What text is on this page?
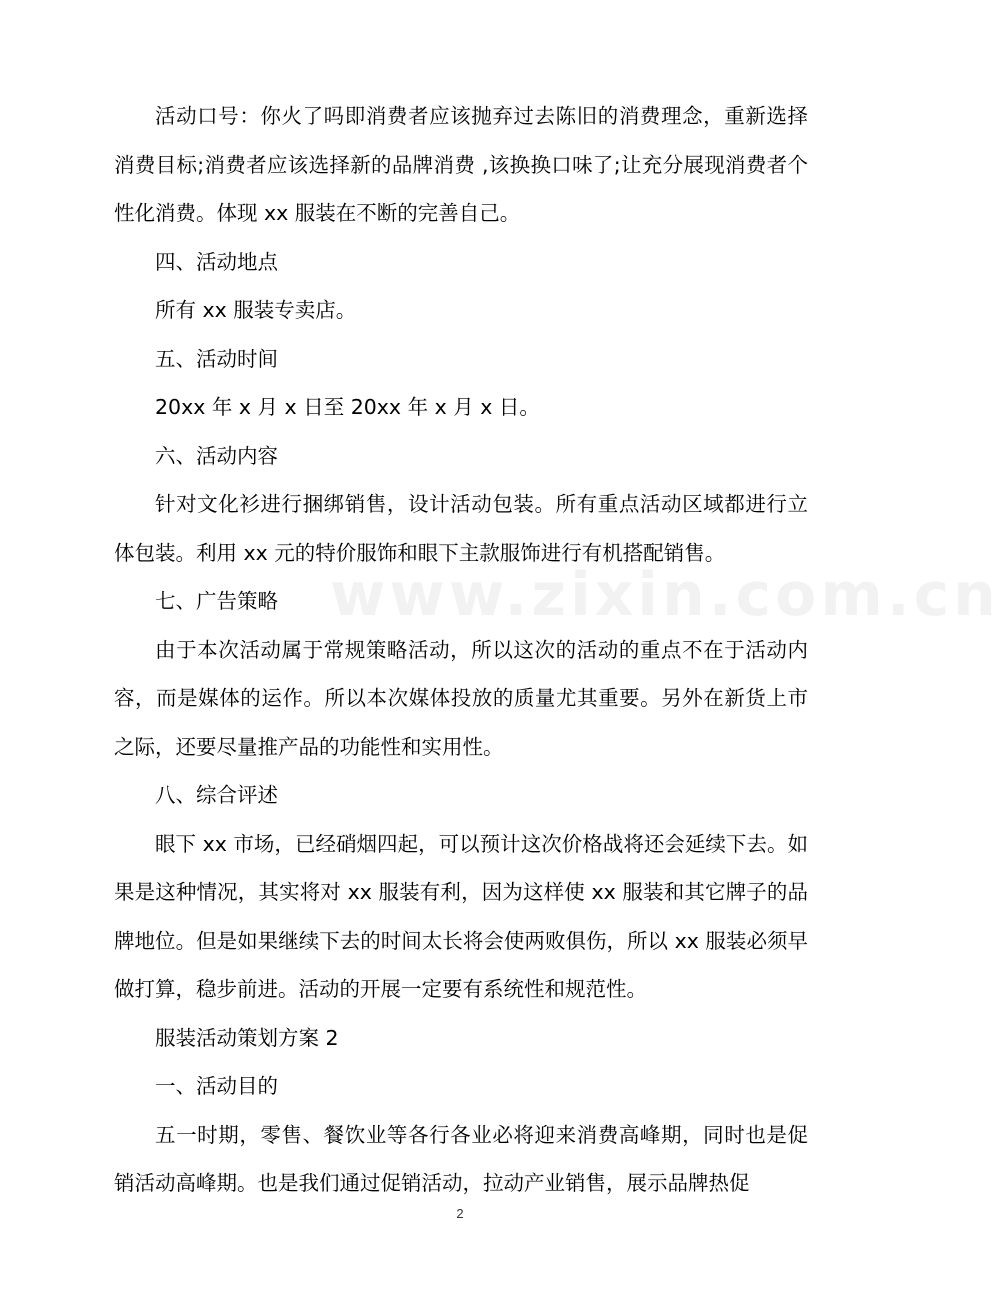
www.zixin.com.cn

活动口号：你火了吗即消费者应该抛弃过去陈旧的消费理念，重新选择消费目标;消费者应该选择新的品牌消费 ,该换换口味了;让充分展现消费者个性化消费。体现 xx 服装在不断的完善自己。

四、活动地点

所有 xx 服装专卖店。

五、活动时间

20xx 年 x 月 x 日至 20xx 年 x 月 x 日。

六、活动内容

针对文化衫进行捆绑销售，设计活动包装。所有重点活动区域都进行立体包装。利用 xx 元的特价服饰和眼下主款服饰进行有机搭配销售。

七、广告策略

由于本次活动属于常规策略活动，所以这次的活动的重点不在于活动内容，而是媒体的运作。所以本次媒体投放的质量尤其重要。另外在新货上市之际，还要尽量推产品的功能性和实用性。

八、综合评述

眼下 xx 市场，已经硝烟四起，可以预计这次价格战将还会延续下去。如果是这种情况，其实将对 xx 服装有利，因为这样使 xx 服装和其它牌子的品牌地位。但是如果继续下去的时间太长将会使两败俱伤，所以 xx 服装必须早做打算，稳步前进。活动的开展一定要有系统性和规范性。

服装活动策划方案 2

一、活动目的

五一时期，零售、餐饮业等各行各业必将迎来消费高峰期，同时也是促销活动高峰期。也是我们通过促销活动，拉动产业销售，展示品牌热促

2
